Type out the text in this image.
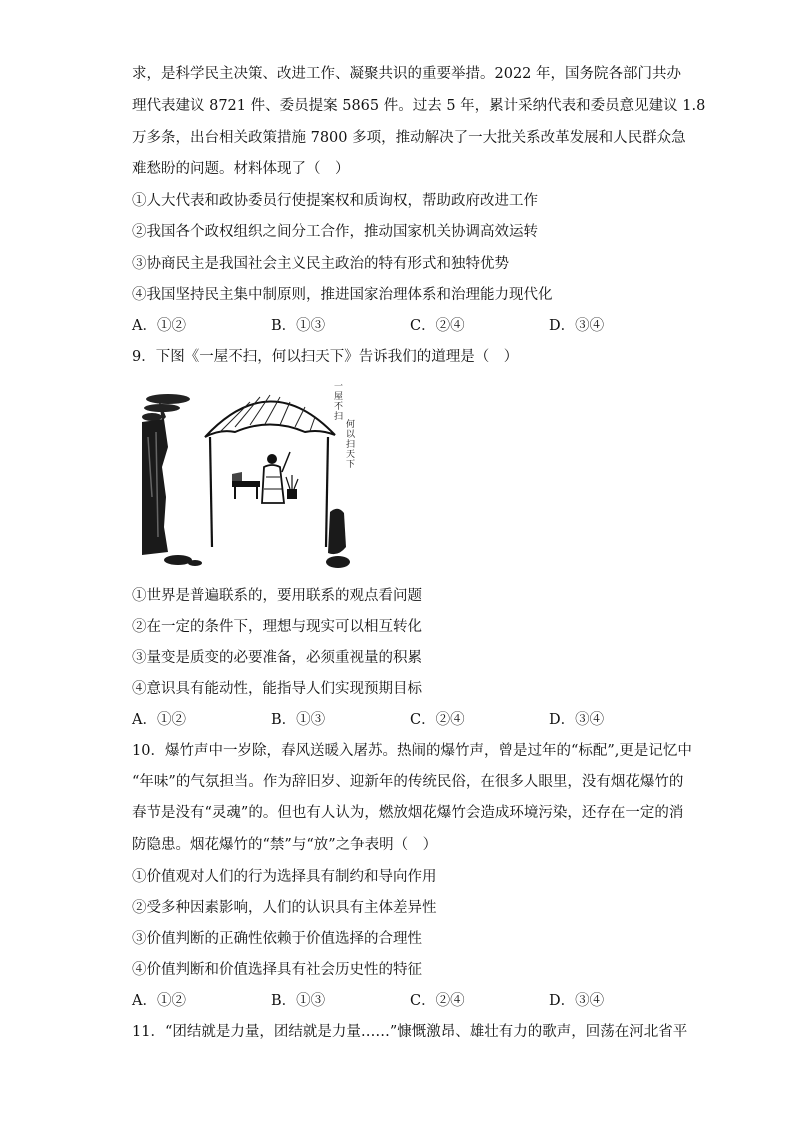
求，是科学民主决策、改进工作、凝聚共识的重要举措。2022 年，国务院各部门共办
理代表建议 8721 件、委员提案 5865 件。过去 5 年，累计采纳代表和委员意见建议 1.8
万多条，出台相关政策措施 7800 多项，推动解决了一大批关系改革发展和人民群众急
难愁盼的问题。材料体现了（　）
①人大代表和政协委员行使提案权和质询权，帮助政府改进工作
②我国各个政权组织之间分工合作，推动国家机关协调高效运转
③协商民主是我国社会主义民主政治的特有形式和独特优势
④我国坚持民主集中制原则，推进国家治理体系和治理能力现代化
A．①②	B．①③	C．②④	D．③④
9．下图《一屋不扫，何以扫天下》告诉我们的道理是（　）
一屋不扫
何以扫天下
①世界是普遍联系的，要用联系的观点看问题
②在一定的条件下，理想与现实可以相互转化
③量变是质变的必要准备，必须重视量的积累
④意识具有能动性，能指导人们实现预期目标
A．①②	B．①③	C．②④	D．③④
10．爆竹声中一岁除，春风送暖入屠苏。热闹的爆竹声，曾是过年的“标配”,更是记忆中
“年味”的气氛担当。作为辞旧岁、迎新年的传统民俗，在很多人眼里，没有烟花爆竹的
春节是没有“灵魂”的。但也有人认为，燃放烟花爆竹会造成环境污染，还存在一定的消
防隐患。烟花爆竹的“禁”与“放”之争表明（　）
①价值观对人们的行为选择具有制约和导向作用
②受多种因素影响，人们的认识具有主体差异性
③价值判断的正确性依赖于价值选择的合理性
④价值判断和价值选择具有社会历史性的特征
A．①②	B．①③	C．②④	D．③④
11．“团结就是力量，团结就是力量……”慷慨激昂、雄壮有力的歌声，回荡在河北省平
